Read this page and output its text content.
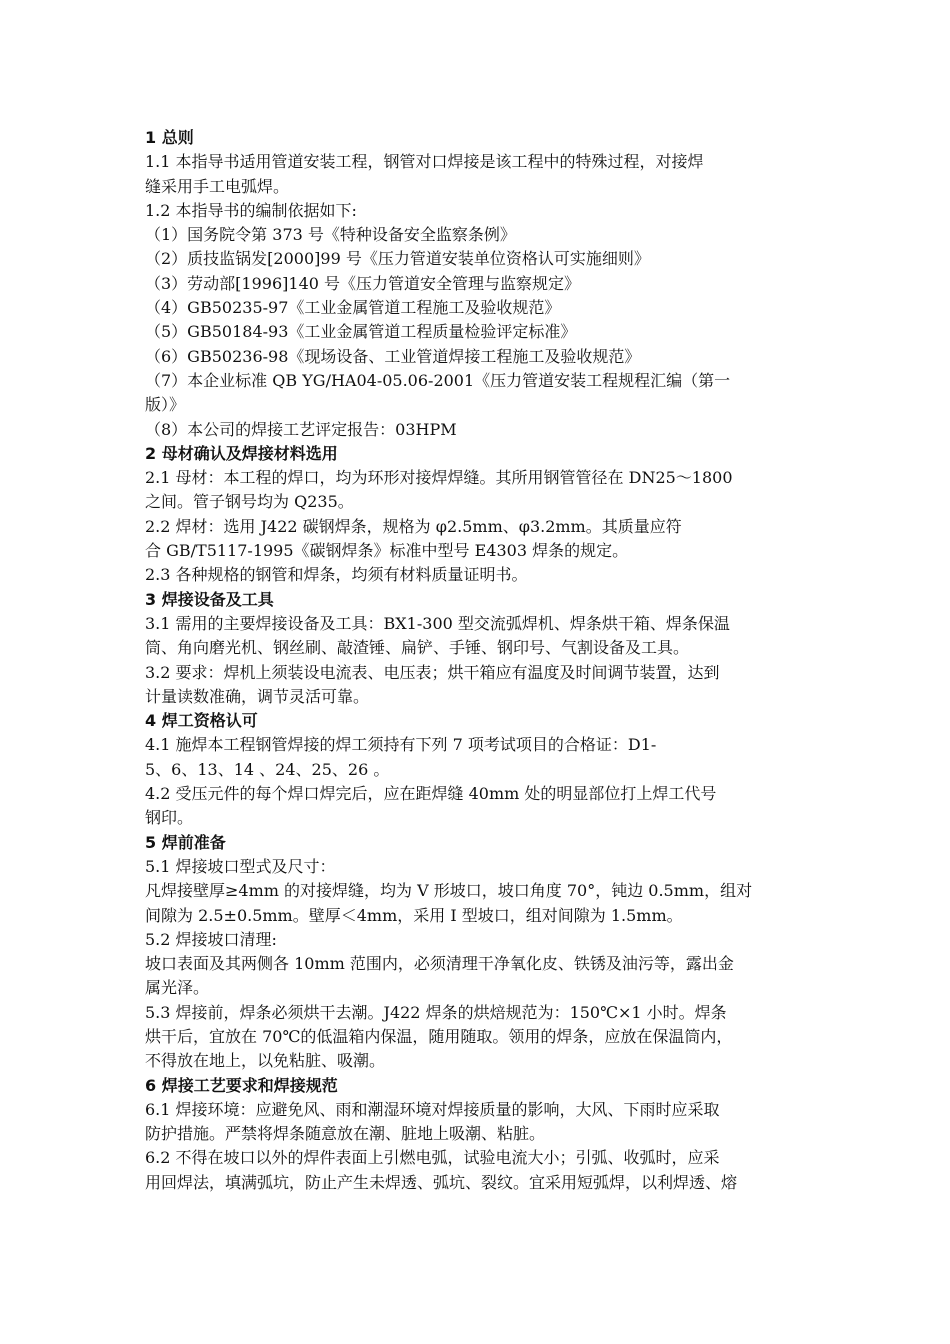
1 总则
1.1 本指导书适用管道安装工程，钢管对口焊接是该工程中的特殊过程，对接焊
缝采用手工电弧焊。
1.2 本指导书的编制依据如下:
（1）国务院令第 373 号《特种设备安全监察条例》
（2）质技监锅发[2000]99 号《压力管道安装单位资格认可实施细则》
（3）劳动部[1996]140 号《压力管道安全管理与监察规定》
（4）GB50235-97《工业金属管道工程施工及验收规范》
（5）GB50184-93《工业金属管道工程质量检验评定标准》
（6）GB50236-98《现场设备、工业管道焊接工程施工及验收规范》
（7）本企业标准 QB YG/HA04-05.06-2001《压力管道安装工程规程汇编（第一
版）》
（8）本公司的焊接工艺评定报告：03HPM
2 母材确认及焊接材料选用
2.1 母材：本工程的焊口，均为环形对接焊焊缝。其所用钢管管径在 DN25～1800
之间。管子钢号均为 Q235。
2.2 焊材：选用 J422 碳钢焊条，规格为 φ2.5mm、φ3.2mm。其质量应符
合 GB/T5117-1995《碳钢焊条》标准中型号 E4303 焊条的规定。
2.3 各种规格的钢管和焊条，均须有材料质量证明书。
3 焊接设备及工具
3.1 需用的主要焊接设备及工具：BX1-300 型交流弧焊机、焊条烘干箱、焊条保温
筒、角向磨光机、钢丝刷、敲渣锤、扁铲、手锤、钢印号、气割设备及工具。
3.2 要求：焊机上须装设电流表、电压表；烘干箱应有温度及时间调节装置，达到
计量读数准确，调节灵活可靠。
4 焊工资格认可
4.1 施焊本工程钢管焊接的焊工须持有下列 7 项考试项目的合格证：D1-
5、6、13、14 、24、25、26 。
4.2 受压元件的每个焊口焊完后，应在距焊缝 40mm 处的明显部位打上焊工代号
钢印。
5 焊前准备
5.1 焊接坡口型式及尺寸：
凡焊接壁厚≥4mm 的对接焊缝，均为 V 形坡口，坡口角度 70°，钝边 0.5mm，组对
间隙为 2.5±0.5mm。壁厚＜4mm，采用 I 型坡口，组对间隙为 1.5mm。
5.2 焊接坡口清理:
坡口表面及其两侧各 10mm 范围内，必须清理干净氧化皮、铁锈及油污等，露出金
属光泽。
5.3 焊接前，焊条必须烘干去潮。J422 焊条的烘焙规范为：150℃×1 小时。焊条
烘干后，宜放在 70℃的低温箱内保温，随用随取。领用的焊条，应放在保温筒内，
不得放在地上，以免粘脏、吸潮。
6 焊接工艺要求和焊接规范
6.1 焊接环境：应避免风、雨和潮湿环境对焊接质量的影响，大风、下雨时应采取
防护措施。严禁将焊条随意放在潮、脏地上吸潮、粘脏。
6.2 不得在坡口以外的焊件表面上引燃电弧，试验电流大小；引弧、收弧时，应采
用回焊法，填满弧坑，防止产生未焊透、弧坑、裂纹。宜采用短弧焊，以利焊透、熔
